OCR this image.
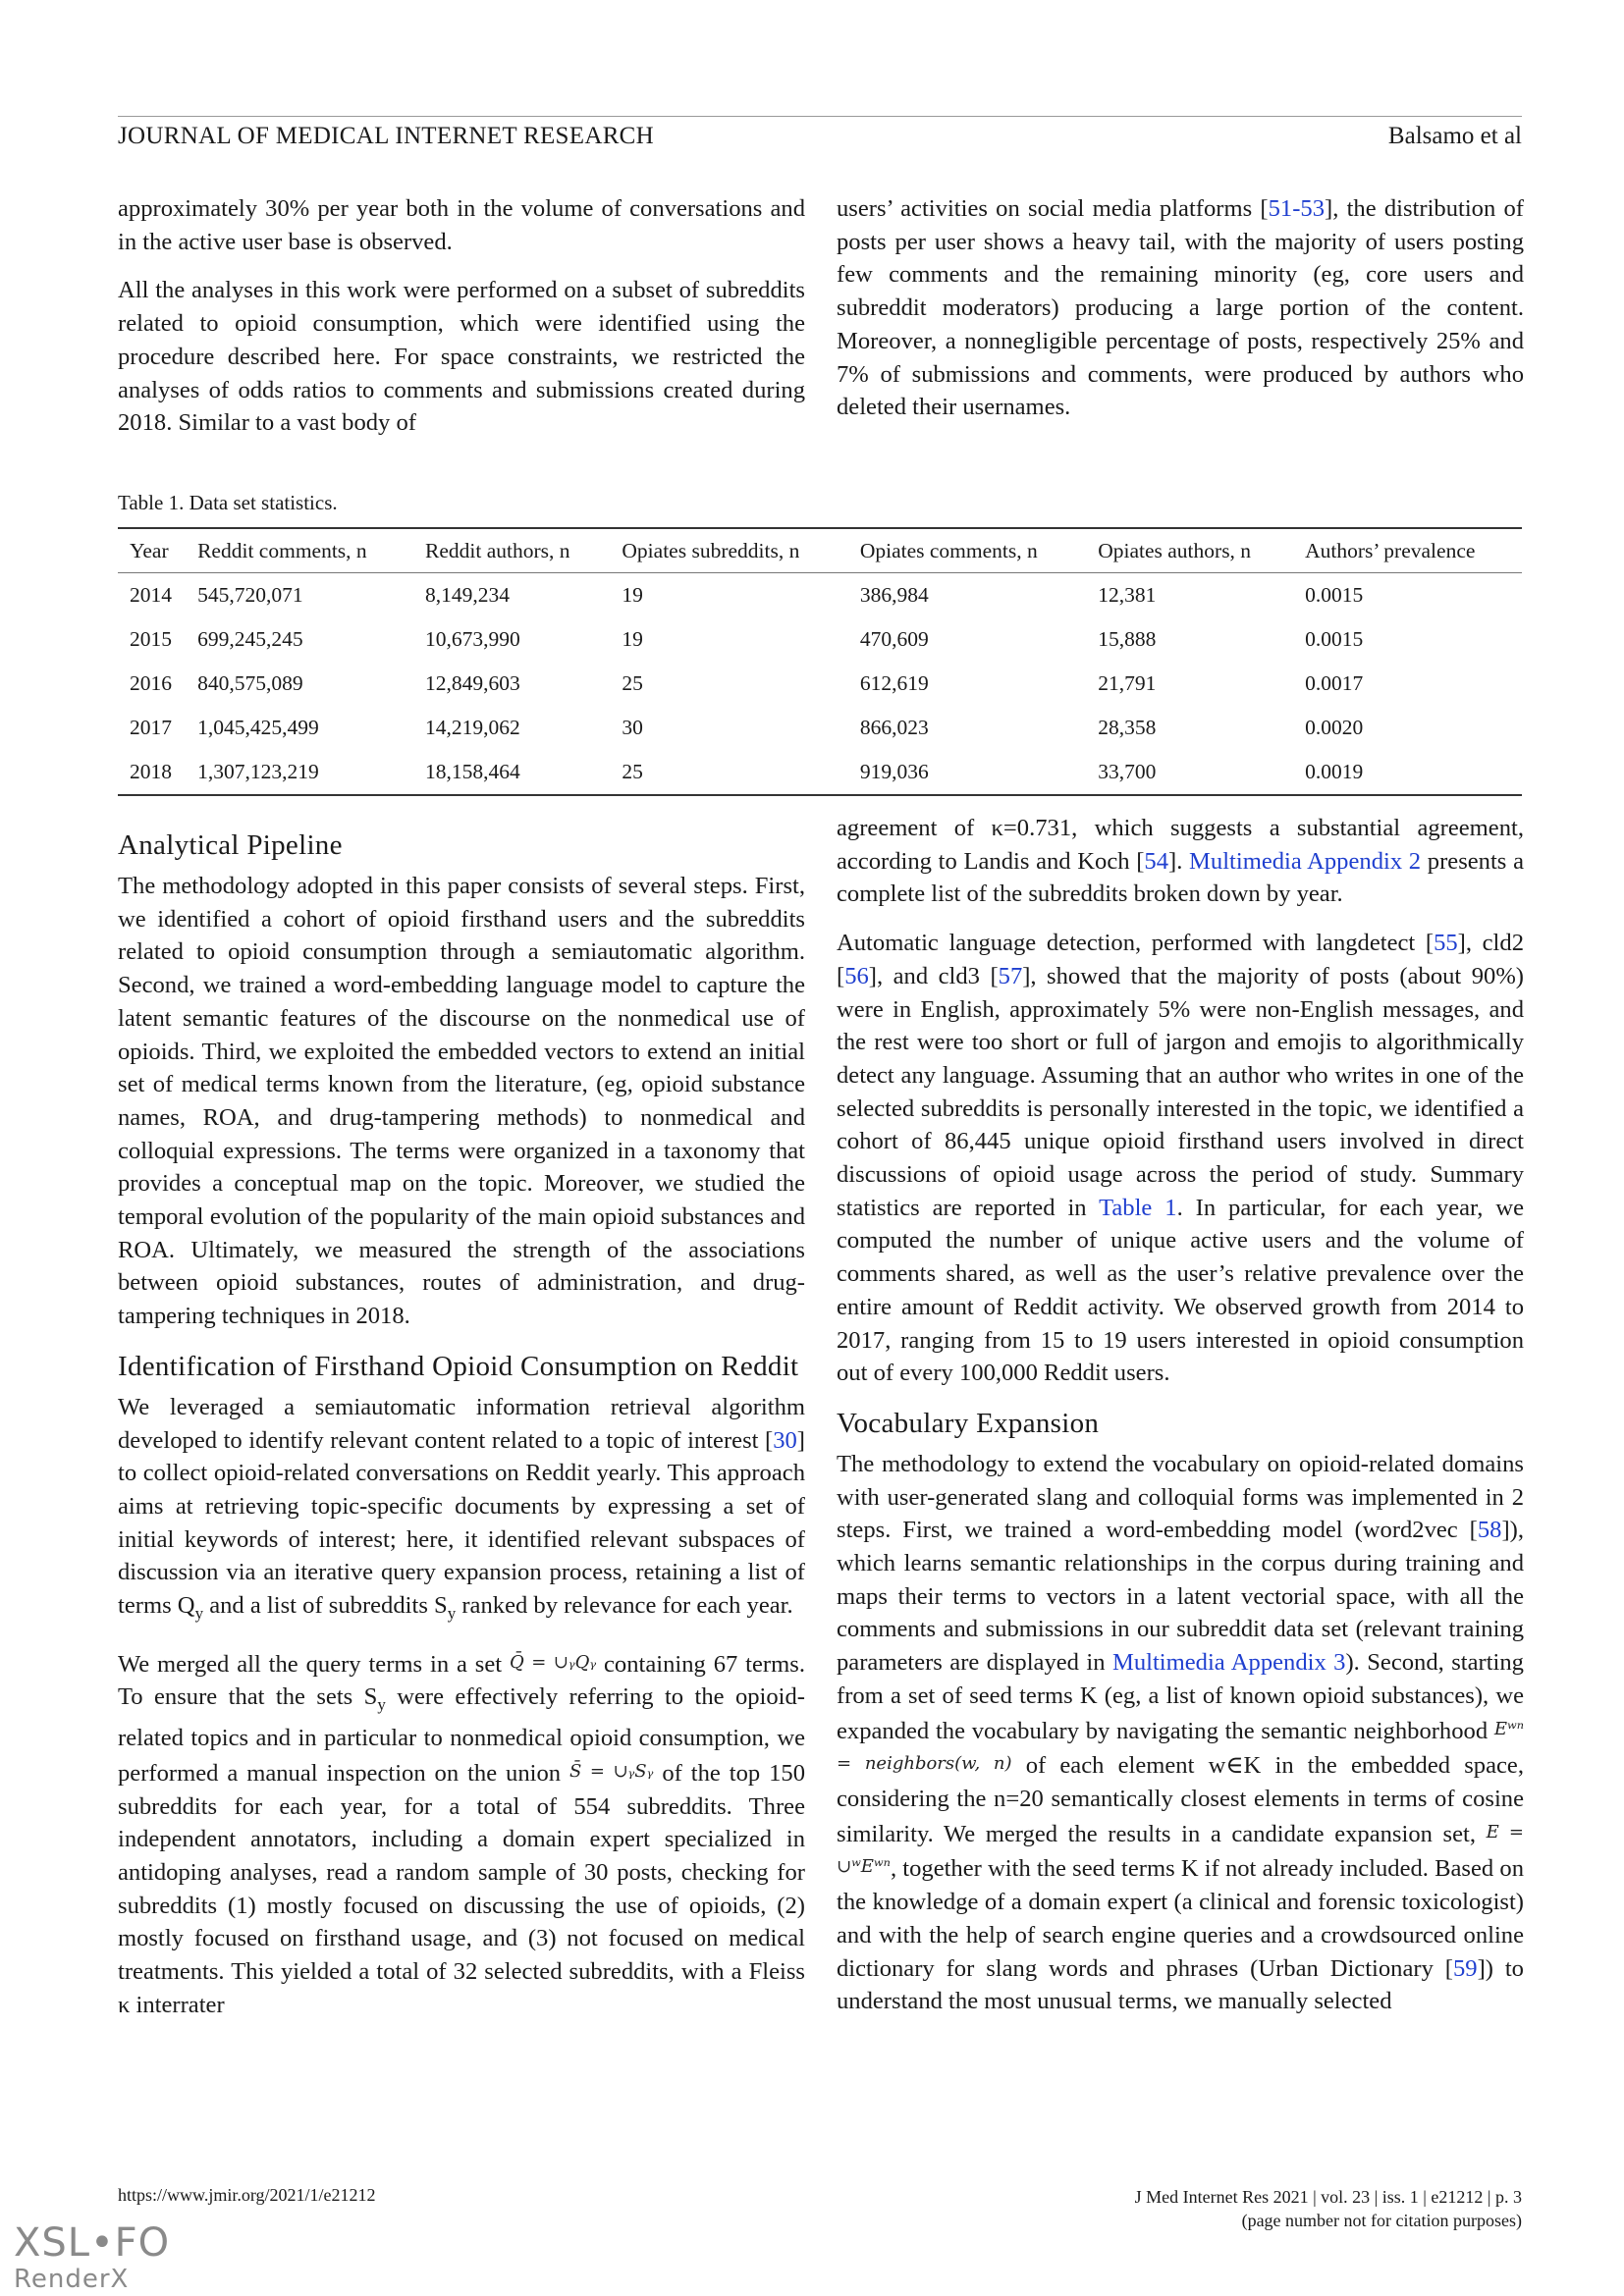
JOURNAL OF MEDICAL INTERNET RESEARCH	Balsamo et al

approximately 30% per year both in the volume of conversations and in the active user base is observed.

All the analyses in this work were performed on a subset of subreddits related to opioid consumption, which were identified using the procedure described here. For space constraints, we restricted the analyses of odds ratios to comments and submissions created during 2018. Similar to a vast body of

users’ activities on social media platforms [51-53], the distribution of posts per user shows a heavy tail, with the majority of users posting few comments and the remaining minority (eg, core users and subreddit moderators) producing a large portion of the content. Moreover, a nonnegligible percentage of posts, respectively 25% and 7% of submissions and comments, were produced by authors who deleted their usernames.

Table 1. Data set statistics.
Year	Reddit comments, n	Reddit authors, n	Opiates subreddits, n	Opiates comments, n	Opiates authors, n	Authors’ prevalence
2014	545,720,071	8,149,234	19	386,984	12,381	0.0015
2015	699,245,245	10,673,990	19	470,609	15,888	0.0015
2016	840,575,089	12,849,603	25	612,619	21,791	0.0017
2017	1,045,425,499	14,219,062	30	866,023	28,358	0.0020
2018	1,307,123,219	18,158,464	25	919,036	33,700	0.0019
Analytical Pipeline

The methodology adopted in this paper consists of several steps. First, we identified a cohort of opioid firsthand users and the subreddits related to opioid consumption through a semiautomatic algorithm. Second, we trained a word-embedding language model to capture the latent semantic features of the discourse on the nonmedical use of opioids. Third, we exploited the embedded vectors to extend an initial set of medical terms known from the literature, (eg, opioid substance names, ROA, and drug-tampering methods) to nonmedical and colloquial expressions. The terms were organized in a taxonomy that provides a conceptual map on the topic. Moreover, we studied the temporal evolution of the popularity of the main opioid substances and ROA. Ultimately, we measured the strength of the associations between opioid substances, routes of administration, and drug-tampering techniques in 2018.

Identification of Firsthand Opioid Consumption on Reddit

We leveraged a semiautomatic information retrieval algorithm developed to identify relevant content related to a topic of interest [30] to collect opioid-related conversations on Reddit yearly. This approach aims at retrieving topic-specific documents by expressing a set of initial keywords of interest; here, it identified relevant subspaces of discussion via an iterative query expansion process, retaining a list of terms $Q_y$ and a list of subreddits $S_y$ ranked by relevance for each year.

We merged all the query terms in a set Q̄ = ∪ᵧQᵧ containing 67 terms. To ensure that the sets $S_y$ were effectively referring to the opioid-related topics and in particular to nonmedical opioid consumption, we performed a manual inspection on the union S̄ = ∪ᵧSᵧ of the top 150 subreddits for each year, for a total of 554 subreddits. Three independent annotators, including a domain expert specialized in antidoping analyses, read a random sample of 30 posts, checking for subreddits (1) mostly focused on discussing the use of opioids, (2) mostly focused on firsthand usage, and (3) not focused on medical treatments. This yielded a total of 32 selected subreddits, with a Fleiss κ interrater

agreement of κ=0.731, which suggests a substantial agreement, according to Landis and Koch [54]. Multimedia Appendix 2 presents a complete list of the subreddits broken down by year.

Automatic language detection, performed with langdetect [55], cld2 [56], and cld3 [57], showed that the majority of posts (about 90%) were in English, approximately 5% were non-English messages, and the rest were too short or full of jargon and emojis to algorithmically detect any language. Assuming that an author who writes in one of the selected subreddits is personally interested in the topic, we identified a cohort of 86,445 unique opioid firsthand users involved in direct discussions of opioid usage across the period of study. Summary statistics are reported in Table 1. In particular, for each year, we computed the number of unique active users and the volume of comments shared, as well as the user’s relative prevalence over the entire amount of Reddit activity. We observed growth from 2014 to 2017, ranging from 15 to 19 users interested in opioid consumption out of every 100,000 Reddit users.

Vocabulary Expansion

The methodology to extend the vocabulary on opioid-related domains with user-generated slang and colloquial forms was implemented in 2 steps. First, we trained a word-embedding model (word2vec [58]), which learns semantic relationships in the corpus during training and maps their terms to vectors in a latent vectorial space, with all the comments and submissions in our subreddit data set (relevant training parameters are displayed in Multimedia Appendix 3). Second, starting from a set of seed terms K (eg, a list of known opioid substances), we expanded the vocabulary by navigating the semantic neighborhood Eʷⁿ = neighbors(w, n) of each element w∈K in the embedded space, considering the n=20 semantically closest elements in terms of cosine similarity. We merged the results in a candidate expansion set, E = ∪ʷEʷⁿ, together with the seed terms K if not already included. Based on the knowledge of a domain expert (a clinical and forensic toxicologist) and with the help of search engine queries and a crowdsourced online dictionary for slang words and phrases (Urban Dictionary [59]) to understand the most unusual terms, we manually selected

https://www.jmir.org/2021/1/e21212	J Med Internet Res 2021 | vol. 23 | iss. 1 | e21212 | p. 3
(page number not for citation purposes)
XSL•FO
RenderX
